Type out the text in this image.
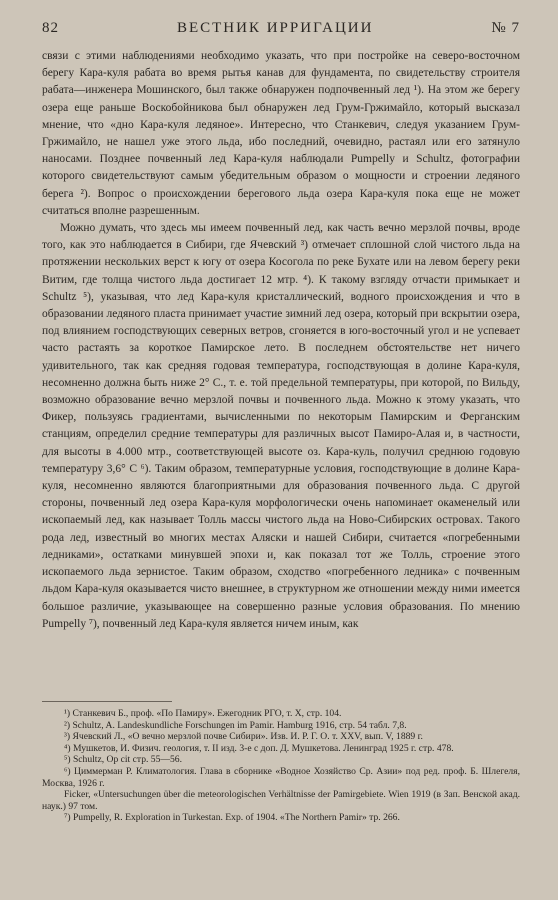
82	ВЕСТНИК ИРРИГАЦИИ	№ 7

связи с этими наблюдениями необходимо указать, что при постройке на северо-восточном берегу Кара-куля рабата во время рытья канав для фундамента, по свидетельству строителя рабата—инженера Мошинского, был также обнаружен подпочвенный лед ¹). На этом же берегу озера еще раньше Воскобойникова был обнаружен лед Грум-Гржимайло, который высказал мнение, что «дно Кара-куля ледяное». Интересно, что Станкевич, следуя указанием Грум-Гржимайло, не нашел уже этого льда, ибо последний, очевидно, растаял или его затянуло наносами. Позднее почвенный лед Кара-куля наблюдали Pumpelly и Schultz, фотографии которого свидетельствуют самым убедительным образом о мощности и строении ледяного берега ²). Вопрос о происхождении берегового льда озера Кара-куля пока еще не может считаться вполне разрешенным.

Можно думать, что здесь мы имеем почвенный лед, как часть вечно мерзлой почвы, вроде того, как это наблюдается в Сибири, где Ячевский ³) отмечает сплошной слой чистого льда на протяжении нескольких верст к югу от озера Косогола по реке Бухате или на левом берегу реки Витим, где толща чистого льда достигает 12 мтр. ⁴). К такому взгляду отчасти примыкает и Schultz ⁵), указывая, что лед Кара-куля кристаллический, водного происхождения и что в образовании ледяного пласта принимает участие зимний лед озера, который при вскрытии озера, под влиянием господствующих северных ветров, сгоняется в юго-восточный угол и не успевает часто растаять за короткое Памирское лето. В последнем обстоятельстве нет ничего удивительного, так как средняя годовая температура, господствующая в долине Кара-куля, несомненно должна быть ниже 2° С., т. е. той предельной температуры, при которой, по Вильду, возможно образование вечно мерзлой почвы и почвенного льда. Можно к этому указать, что Фикер, пользуясь градиентами, вычисленными по некоторым Памирским и Ферганским станциям, определил средние температуры для различных высот Памиро-Алая и, в частности, для высоты в 4.000 мтр., соответствующей высоте оз. Кара-куль, получил среднюю годовую температуру 3,6° С ⁶). Таким образом, температурные условия, господствующие в долине Кара-куля, несомненно являются благоприятными для образования почвенного льда. С другой стороны, почвенный лед озера Кара-куля морфологически очень напоминает окаменелый или ископаемый лед, как называет Толль массы чистого льда на Ново-Сибирских островах. Такого рода лед, известный во многих местах Аляски и нашей Сибири, считается «погребенными ледниками», остатками минувшей эпохи и, как показал тот же Толль, строение этого ископаемого льда зернистое. Таким образом, сходство «погребенного ледника» с почвенным льдом Кара-куля оказывается чисто внешнее, в структурном же отношении между ними имеется большое различие, указывающее на совершенно разные условия образования. По мнению Pumpelly ⁷), почвенный лед Кара-куля является ничем иным, как

¹) Станкевич Б., проф. «По Памиру». Ежегодник РГО, т. Х, стр. 104.

²) Schultz, A. Landeskundliche Forschungen im Pamir. Hamburg 1916, стр. 54 табл. 7,8.

³) Ячевский Л., «О вечно мерзлой почве Сибири». Изв. И. Р. Г. О. т. XXV, вып. V, 1889 г.

⁴) Мушкетов, И. Физич. геология, т. II изд. 3-е с доп. Д. Мушкетова. Ленинград 1925 г. стр. 478.

⁵) Schultz, Op cit стр. 55—56.

⁶) Циммерман Р. Климатология. Глава в сборнике «Водное Хозяйство Ср. Азии» под ред. проф. Б. Шлегеля, Москва, 1926 г.

Ficker, «Untersuchungen über die meteorologischen Verhältnisse der Pamirgebiete. Wien 1919 (в Зап. Венской акад. наук.) 97 том.

⁷) Pumpelly, R. Exploration in Turkestan. Exp. of 1904. «The Northern Pamir» тр. 266.
